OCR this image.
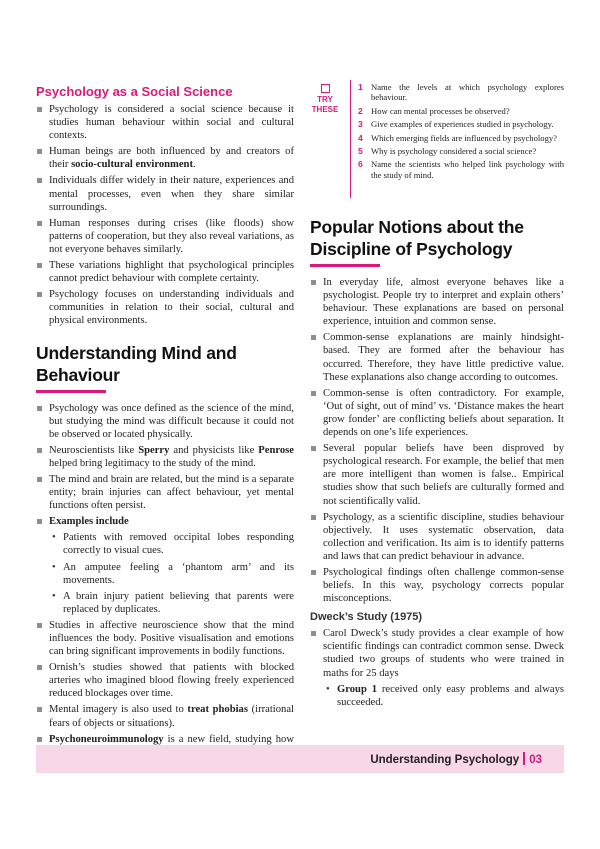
Psychology as a Social Science
Psychology is considered a social science because it studies human behaviour within social and cultural contexts.
Human beings are both influenced by and creators of their socio-cultural environment.
Individuals differ widely in their nature, experiences and mental processes, even when they share similar surroundings.
Human responses during crises (like floods) show patterns of cooperation, but they also reveal variations, as not everyone behaves similarly.
These variations highlight that psychological principles cannot predict behaviour with complete certainty.
Psychology focuses on understanding individuals and communities in relation to their social, cultural and physical environments.
Understanding Mind and Behaviour
Psychology was once defined as the science of the mind, but studying the mind was difficult because it could not be observed or located physically.
Neuroscientists like Sperry and physicists like Penrose helped bring legitimacy to the study of the mind.
The mind and brain are related, but the mind is a separate entity; brain injuries can affect behaviour, yet mental functions often persist.
Examples include
• Patients with removed occipital lobes responding correctly to visual cues.
• An amputee feeling a ‘phantom arm’ and its movements.
• A brain injury patient believing that parents were replaced by duplicates.
Studies in affective neuroscience show that the mind influences the body. Positive visualisation and emotions can bring significant improvements in bodily functions.
Ornish’s studies showed that patients with blocked arteries who imagined blood flowing freely experienced reduced blockages over time.
Mental imagery is also used to treat phobias (irrational fears of objects or situations).
Psychoneuroimmunology is a new field, studying how
TRY
THESE
1 Name the levels at which psychology explores behaviour.
2 How can mental processes be observed?
3 Give examples of experiences studied in psychology.
4 Which emerging fields are influenced by psychology?
5 Why is psychology considered a social science?
6 Name the scientists who helped link psychology with the study of mind.
Popular Notions about the
Discipline of Psychology
In everyday life, almost everyone behaves like a psychologist. People try to interpret and explain others’ behaviour. These explanations are based on personal experience, intuition and common sense.
Common-sense explanations are mainly hindsight-based. They are formed after the behaviour has occurred. Therefore, they have little predictive value. These explanations also change according to outcomes.
Common-sense is often contradictory. For example, ‘Out of sight, out of mind’ vs. ‘Distance makes the heart grow fonder’ are conflicting beliefs about separation. It depends on one’s life experiences.
Several popular beliefs have been disproved by psychological research. For example, the belief that men are more intelligent than women is false.. Empirical studies show that such beliefs are culturally formed and not scientifically valid.
Psychology, as a scientific discipline, studies behaviour objectively. It uses systematic observation, data collection and verification. Its aim is to identify patterns and laws that can predict behaviour in advance.
Psychological findings often challenge common-sense beliefs. In this way, psychology corrects popular misconceptions.
Dweck’s Study (1975)
Carol Dweck’s study provides a clear example of how scientific findings can contradict common sense. Dweck studied two groups of students who were trained in maths for 25 days
• Group 1 received only easy problems and always succeeded.
Understanding Psychology 03
